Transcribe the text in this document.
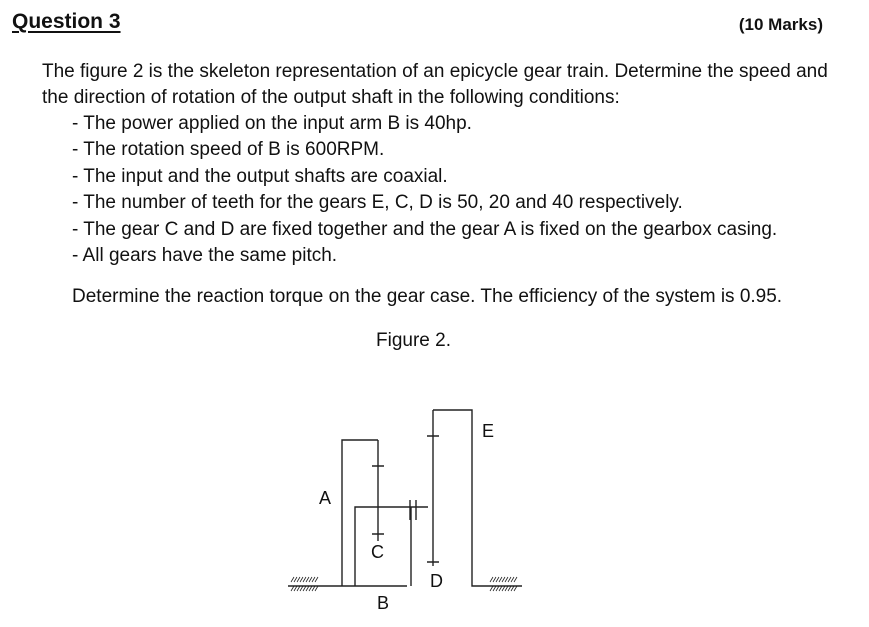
Question 3	(10 Marks)
The figure 2 is the skeleton representation of an epicycle gear train. Determine the speed and the direction of rotation of the output shaft in the following conditions:
- The power applied on the input arm B is 40hp.
- The rotation speed of B is 600RPM.
- The input and the output shafts are coaxial.
- The number of teeth for the gears E, C, D is 50, 20 and 40 respectively.
- The gear C and D are fixed together and the gear A is fixed on the gearbox casing.
- All gears have the same pitch.
Determine the reaction torque on the gear case. The efficiency of the system is 0.95.
Figure 2.
A
B
C
D
E
